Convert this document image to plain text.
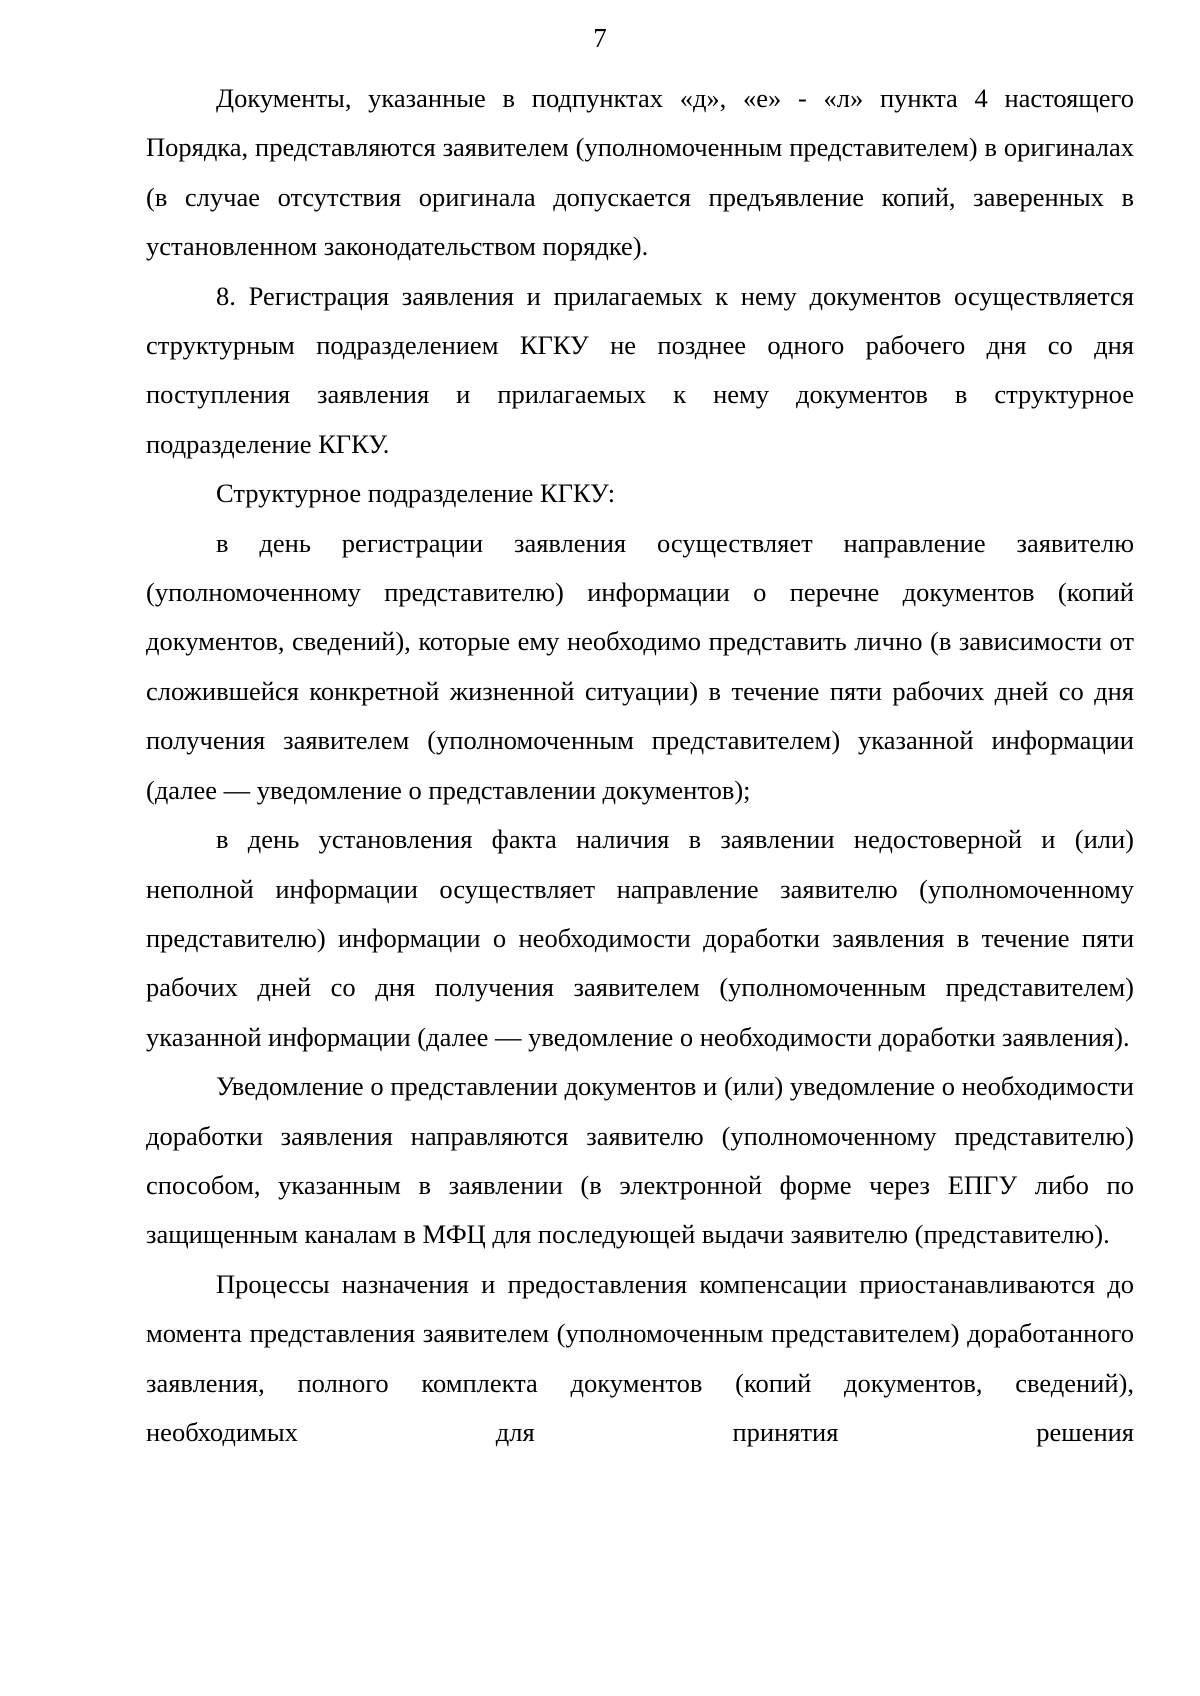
7

Документы, указанные в подпунктах «д», «е» - «л» пункта 4 настоящего Порядка, представляются заявителем (уполномоченным представителем) в оригиналах (в случае отсутствия оригинала допускается предъявление копий, заверенных в установленном законодательством порядке).

8. Регистрация заявления и прилагаемых к нему документов осуществляется структурным подразделением КГКУ не позднее одного рабочего дня со дня поступления заявления и прилагаемых к нему документов в структурное подразделение КГКУ.

Структурное подразделение КГКУ:

в день регистрации заявления осуществляет направление заявителю (уполномоченному представителю) информации о перечне документов (копий документов, сведений), которые ему необходимо представить лично (в зависимости от сложившейся конкретной жизненной ситуации) в течение пяти рабочих дней со дня получения заявителем (уполномоченным представителем) указанной информации (далее — уведомление о представлении документов);

в день установления факта наличия в заявлении недостоверной и (или) неполной информации осуществляет направление заявителю (уполномоченному представителю) информации о необходимости доработки заявления в течение пяти рабочих дней со дня получения заявителем (уполномоченным представителем) указанной информации (далее — уведомление о необходимости доработки заявления).

Уведомление о представлении документов и (или) уведомление о необходимости доработки заявления направляются заявителю (уполномоченному представителю) способом, указанным в заявлении (в электронной форме через ЕПГУ либо по защищенным каналам в МФЦ для последующей выдачи заявителю (представителю).

Процессы назначения и предоставления компенсации приостанавливаются до момента представления заявителем (уполномоченным представителем) доработанного заявления, полного комплекта документов (копий документов, сведений), необходимых для принятия решения
